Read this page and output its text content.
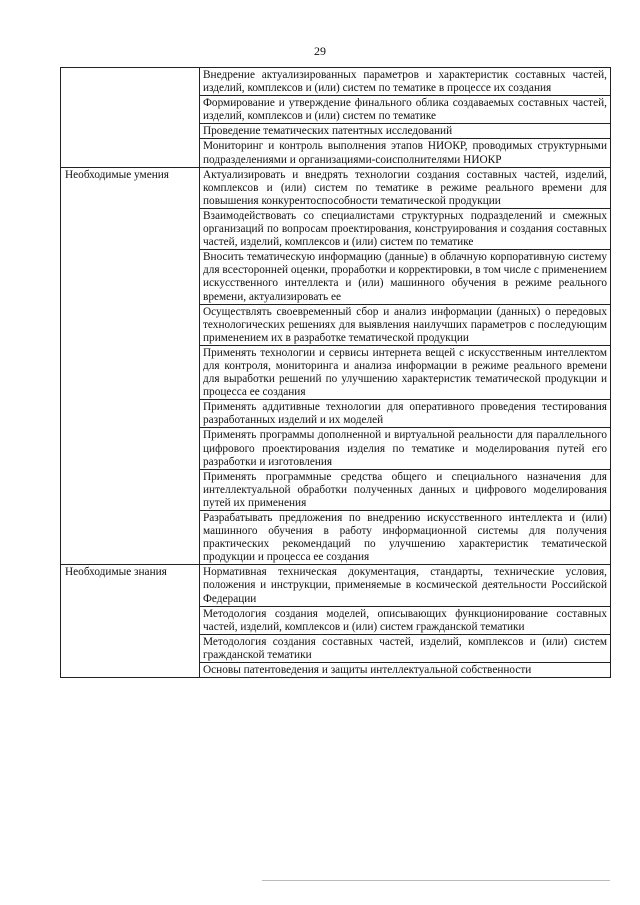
29
	Внедрение актуализированных параметров и характеристик составных частей, изделий, комплексов и (или) систем по тематике в процессе их создания
	Формирование и утверждение финального облика создаваемых составных частей, изделий, комплексов и (или) систем по тематике
	Проведение тематических патентных исследований
	Мониторинг и контроль выполнения этапов НИОКР, проводимых структурными подразделениями и организациями-соисполнителями НИОКР
Необходимые умения	Актуализировать и внедрять технологии создания составных частей, изделий, комплексов и (или) систем по тематике в режиме реального времени для повышения конкурентоспособности тематической продукции
	Взаимодействовать со специалистами структурных подразделений и смежных организаций по вопросам проектирования, конструирования и создания составных частей, изделий, комплексов и (или) систем по тематике
	Вносить тематическую информацию (данные) в облачную корпоративную систему для всесторонней оценки, проработки и корректировки, в том числе с применением искусственного интеллекта и (или) машинного обучения в режиме реального времени, актуализировать ее
	Осуществлять своевременный сбор и анализ информации (данных) о передовых технологических решениях для выявления наилучших параметров с последующим применением их в разработке тематической продукции
	Применять технологии и сервисы интернета вещей с искусственным интеллектом для контроля, мониторинга и анализа информации в режиме реального времени для выработки решений по улучшению характеристик тематической продукции и процесса ее создания
	Применять аддитивные технологии для оперативного проведения тестирования разработанных изделий и их моделей
	Применять программы дополненной и виртуальной реальности для параллельного цифрового проектирования изделия по тематике и моделирования путей его разработки и изготовления
	Применять программные средства общего и специального назначения для интеллектуальной обработки полученных данных и цифрового моделирования путей их применения
	Разрабатывать предложения по внедрению искусственного интеллекта и (или) машинного обучения в работу информационной системы для получения практических рекомендаций по улучшению характеристик тематической продукции и процесса ее создания
Необходимые знания	Нормативная техническая документация, стандарты, технические условия, положения и инструкции, применяемые в космической деятельности Российской Федерации
	Методология создания моделей, описывающих функционирование составных частей, изделий, комплексов и (или) систем гражданской тематики
	Методология создания составных частей, изделий, комплексов и (или) систем гражданской тематики
	Основы патентоведения и защиты интеллектуальной собственности
